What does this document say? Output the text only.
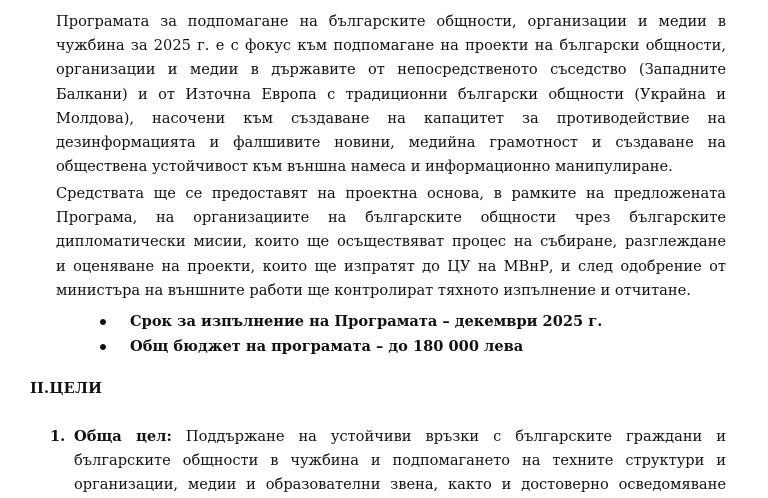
Програмата за подпомагане на българските общности, организации и медии в
чужбина за 2025 г. е с фокус към подпомагане на проекти на български общности,
организации и медии в държавите от непосредственото съседство (Западните
Балкани) и от Източна Европа с традиционни български общности (Украйна и
Молдова), насочени към създаване на капацитет за противодействие на
дезинформацията и фалшивите новини, медийна грамотност и създаване на
обществена устойчивост към външна намеса и информационно манипулиране.

Средствата ще се предоставят на проектна основа, в рамките на предложената
Програма, на организациите на българските общности чрез българските
дипломатически мисии, които ще осъществяват процес на събиране, разглеждане
и оценяване на проекти, които ще изпратят до ЦУ на МВнР, и след одобрение от
министъра на външните работи ще контролират тяхното изпълнение и отчитане.

Срок за изпълнение на Програмата – декември 2025 г.
Общ бюджет на програмата – до 180 000 лева
II.ЦЕЛИ
1. Обща цел: Поддържане на устойчиви връзки с българските граждани и
българските общности в чужбина и подпомагането на техните структури и
организации, медии и образователни звена, както и достоверно осведомяване
